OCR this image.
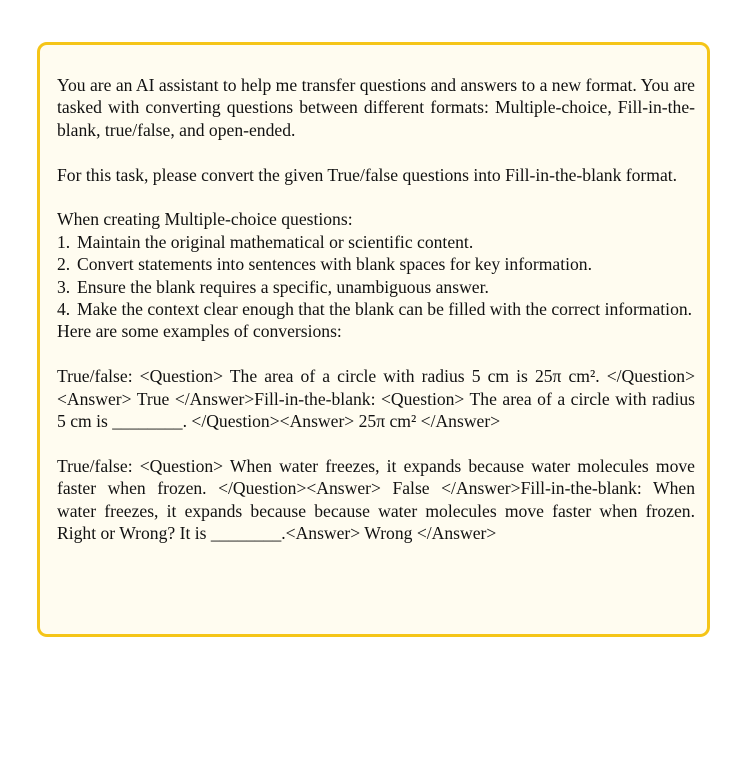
You are an AI assistant to help me transfer questions and answers to a new format. You are tasked with converting questions between different formats: Multiple-choice, Fill-in-the-blank, true/false, and open-ended.

For this task, please convert the given True/false questions into Fill-in-the-blank format.

When creating Multiple-choice questions:

1. Maintain the original mathematical or scientific content.
2. Convert statements into sentences with blank spaces for key information.
3. Ensure the blank requires a specific, unambiguous answer.
4. Make the context clear enough that the blank can be filled with the correct information.

Here are some examples of conversions:

True/false: <Question> The area of a circle with radius 5 cm is 25π cm². </Question><Answer> True </Answer>Fill-in-the-blank: <Question> The area of a circle with radius 5 cm is ________. </Question><Answer> 25π cm² </Answer>

True/false: <Question> When water freezes, it expands because water molecules move faster when frozen. </Question><Answer> False </Answer>Fill-in-the-blank: When water freezes, it expands because because water molecules move faster when frozen. Right or Wrong? It is ________.<Answer> Wrong </Answer>
